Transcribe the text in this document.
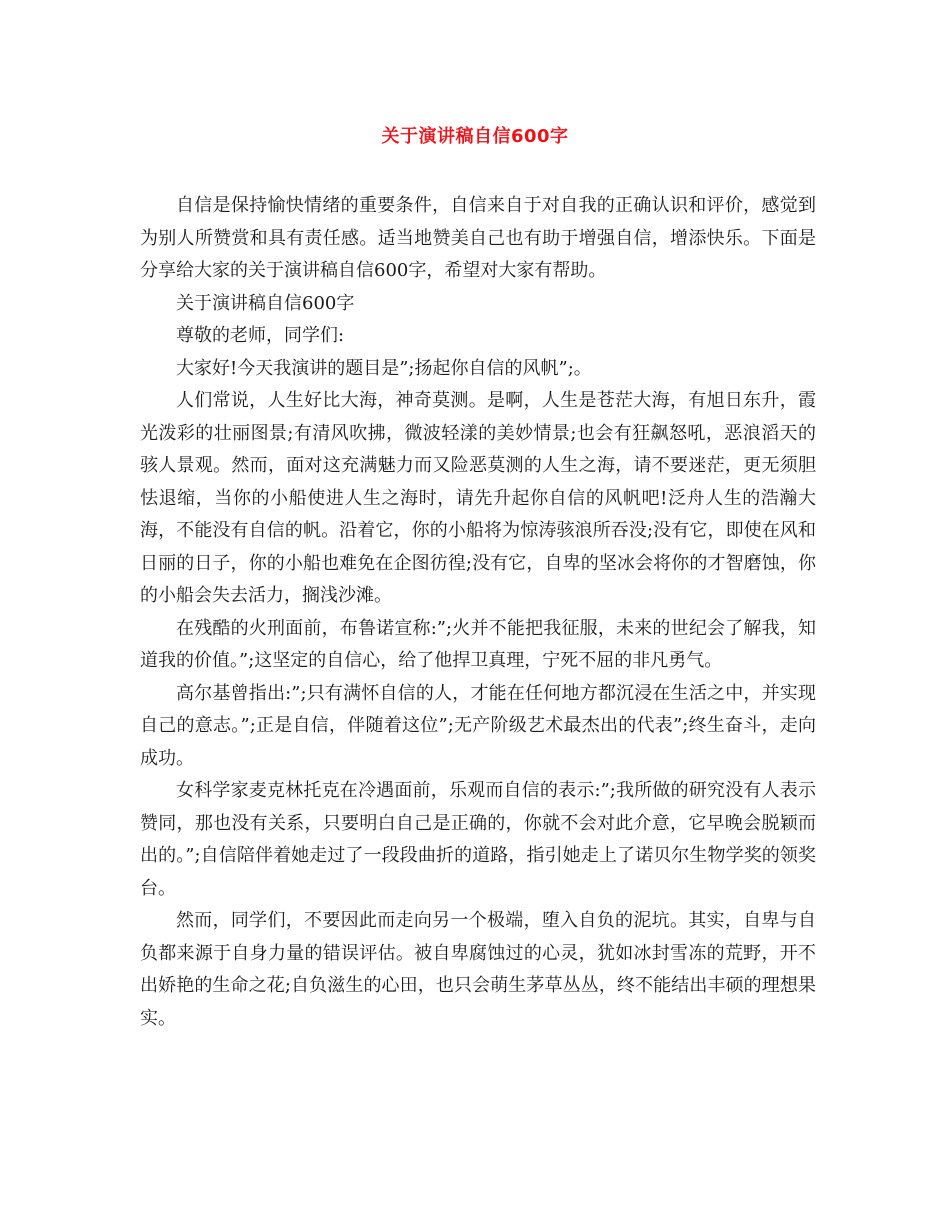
关于演讲稿自信600字

自信是保持愉快情绪的重要条件，自信来自于对自我的正确认识和评价，感觉到为别人所赞赏和具有责任感。适当地赞美自己也有助于增强自信，增添快乐。下面是分享给大家的关于演讲稿自信600字，希望对大家有帮助。

关于演讲稿自信600字

尊敬的老师，同学们:

大家好!今天我演讲的题目是”;扬起你自信的风帆”;。

人们常说，人生好比大海，神奇莫测。是啊，人生是苍茫大海，有旭日东升，霞光泼彩的壮丽图景;有清风吹拂，微波轻漾的美妙情景;也会有狂飙怒吼，恶浪滔天的骇人景观。然而，面对这充满魅力而又险恶莫测的人生之海，请不要迷茫，更无须胆怯退缩，当你的小船使进人生之海时，请先升起你自信的风帆吧!泛舟人生的浩瀚大海，不能没有自信的帆。沿着它，你的小船将为惊涛骇浪所吞没;没有它，即使在风和日丽的日子，你的小船也难免在企图彷徨;没有它，自卑的坚冰会将你的才智磨蚀，你的小船会失去活力，搁浅沙滩。

在残酷的火刑面前，布鲁诺宣称:”;火并不能把我征服，未来的世纪会了解我，知道我的价值。”;这坚定的自信心，给了他捍卫真理，宁死不屈的非凡勇气。

高尔基曾指出:”;只有满怀自信的人，才能在任何地方都沉浸在生活之中，并实现自己的意志。”;正是自信，伴随着这位”;无产阶级艺术最杰出的代表”;终生奋斗，走向成功。

女科学家麦克林托克在冷遇面前，乐观而自信的表示:”;我所做的研究没有人表示赞同，那也没有关系，只要明白自己是正确的，你就不会对此介意，它早晚会脱颖而出的。”;自信陪伴着她走过了一段段曲折的道路，指引她走上了诺贝尔生物学奖的领奖台。

然而，同学们，不要因此而走向另一个极端，堕入自负的泥坑。其实，自卑与自负都来源于自身力量的错误评估。被自卑腐蚀过的心灵，犹如冰封雪冻的荒野，开不出娇艳的生命之花;自负滋生的心田，也只会萌生茅草丛丛，终不能结出丰硕的理想果实。
